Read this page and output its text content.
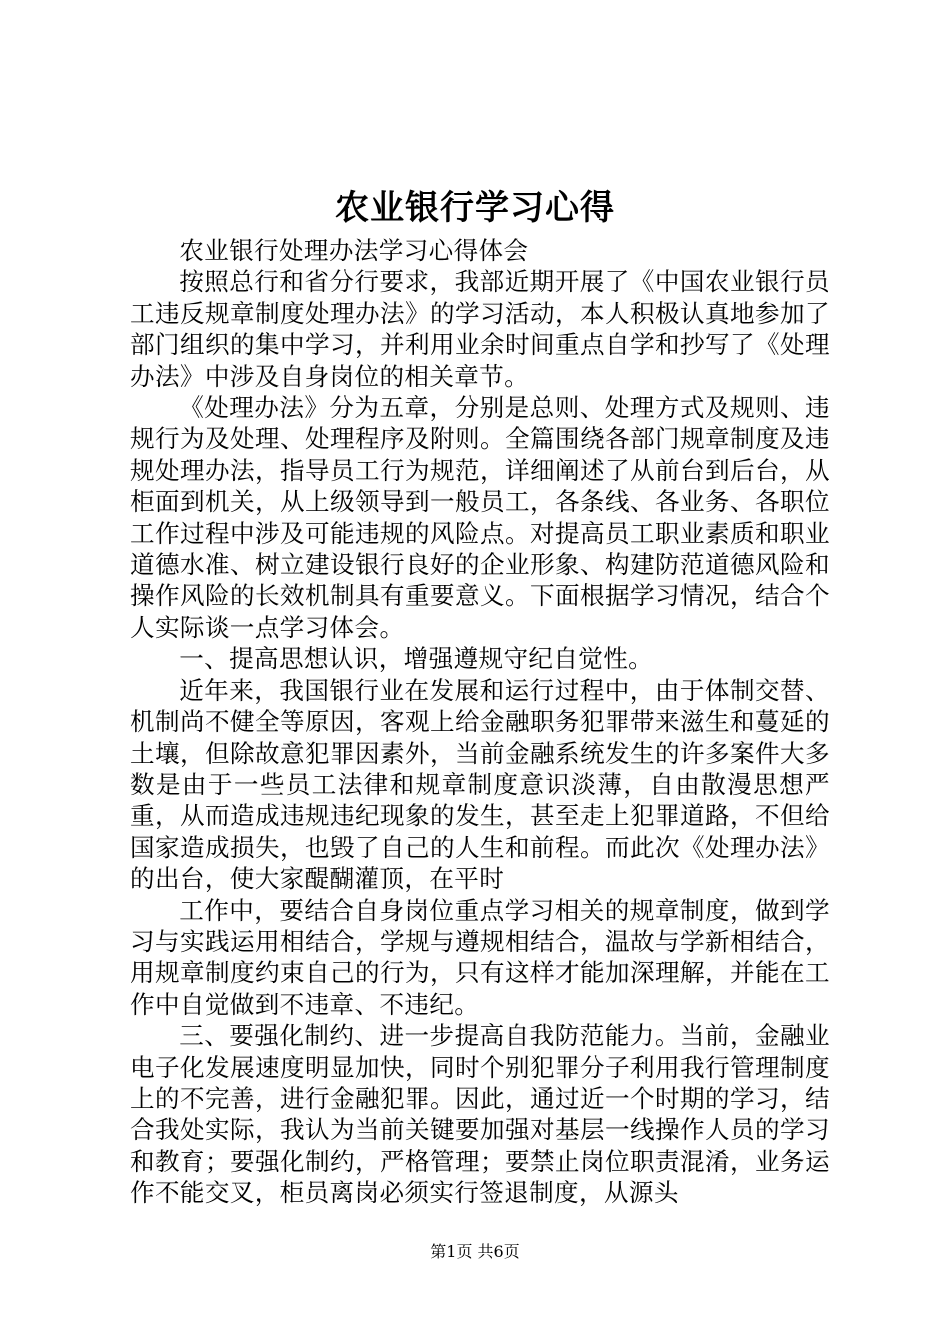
农业银行学习心得

农业银行处理办法学习心得体会

按照总行和省分行要求，我部近期开展了《中国农业银行员工违反规章制度处理办法》的学习活动，本人积极认真地参加了部门组织的集中学习，并利用业余时间重点自学和抄写了《处理办法》中涉及自身岗位的相关章节。

《处理办法》分为五章，分别是总则、处理方式及规则、违规行为及处理、处理程序及附则。全篇围绕各部门规章制度及违规处理办法，指导员工行为规范，详细阐述了从前台到后台，从柜面到机关，从上级领导到一般员工，各条线、各业务、各职位工作过程中涉及可能违规的风险点。对提高员工职业素质和职业道德水准、树立建设银行良好的企业形象、构建防范道德风险和操作风险的长效机制具有重要意义。下面根据学习情况，结合个人实际谈一点学习体会。

一、提高思想认识，增强遵规守纪自觉性。

近年来，我国银行业在发展和运行过程中，由于体制交替、机制尚不健全等原因，客观上给金融职务犯罪带来滋生和蔓延的土壤，但除故意犯罪因素外，当前金融系统发生的许多案件大多数是由于一些员工法律和规章制度意识淡薄，自由散漫思想严重，从而造成违规违纪现象的发生，甚至走上犯罪道路，不但给国家造成损失，也毁了自己的人生和前程。而此次《处理办法》的出台，使大家醍醐灌顶，在平时

工作中，要结合自身岗位重点学习相关的规章制度，做到学习与实践运用相结合，学规与遵规相结合，温故与学新相结合，用规章制度约束自己的行为，只有这样才能加深理解，并能在工作中自觉做到不违章、不违纪。

三、要强化制约、进一步提高自我防范能力。当前，金融业电子化发展速度明显加快，同时个别犯罪分子利用我行管理制度上的不完善，进行金融犯罪。因此，通过近一个时期的学习，结合我处实际，我认为当前关键要加强对基层一线操作人员的学习和教育；要强化制约，严格管理；要禁止岗位职责混淆，业务运作不能交叉，柜员离岗必须实行签退制度，从源头

第1页 共6页
